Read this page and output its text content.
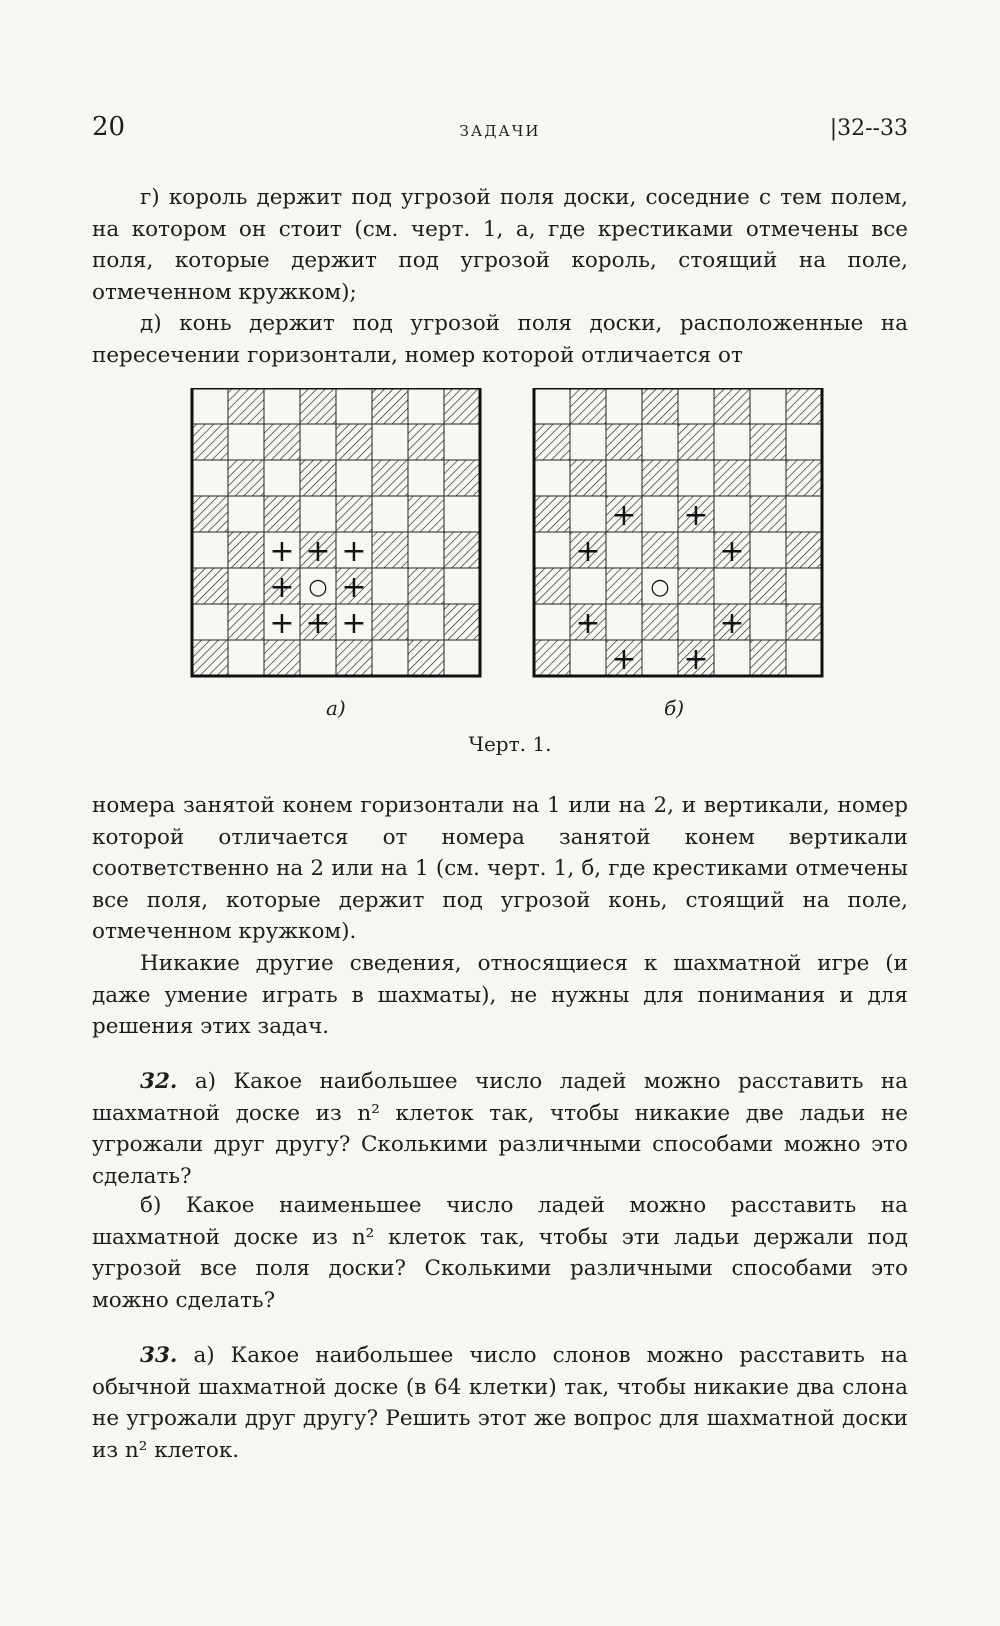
20	ЗАДАЧИ	|32--33

г) король держит под угрозой поля доски, соседние с тем полем, на котором он стоит (см. черт. 1, а, где крестиками отмечены все поля, которые держит под угрозой король, стоящий на поле, отмеченном кружком);

д) конь держит под угрозой поля доски, расположенные на пересечении горизонтали, номер которой отличается от

+ + +
+ +
+ + +
○
+ +
+	+
+	+
+ +
○
а)	б)
Черт. 1.

номера занятой конем горизонтали на 1 или на 2, и вертикали, номер которой отличается от номера занятой конем вертикали соответственно на 2 или на 1 (см. черт. 1, б, где крестиками отмечены все поля, которые держит под угрозой конь, стоящий на поле, отмеченном кружком).

Никакие другие сведения, относящиеся к шахматной игре (и даже умение играть в шахматы), не нужны для понимания и для решения этих задач.

32. а) Какое наибольшее число ладей можно расставить на шахматной доске из n² клеток так, чтобы никакие две ладьи не угрожали друг другу? Сколькими различными способами можно это сделать?

б) Какое наименьшее число ладей можно расставить на шахматной доске из n² клеток так, чтобы эти ладьи держали под угрозой все поля доски? Сколькими различными способами это можно сделать?

33. а) Какое наибольшее число слонов можно расставить на обычной шахматной доске (в 64 клетки) так, чтобы никакие два слона не угрожали друг другу? Решить этот же вопрос для шахматной доски из n² клеток.
